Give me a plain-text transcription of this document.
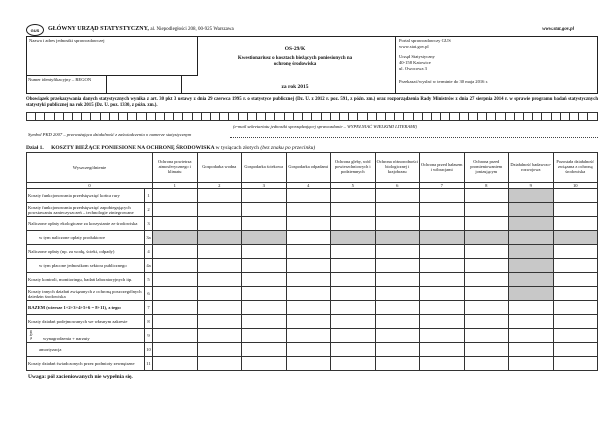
GUS GŁÓWNY URZĄD STATYSTYCZNY, al. Niepodległości 208, 00-925 Warszawa	www.stat.gov.pl
Nazwa i adres jednostki sprawozdawczej
Numer identyfikacyjny – REGON
OS-29/K
Kwestionariusz o kosztach bieżących poniesionych na ochronę środowiska
za rok 2015
Portal sprawozdawczy GUS
www.stat.gov.pl
Urząd Statystyczny
40-158 Katowice
ul. Owocowa 3
Przekazać/wysłać w terminie do 30 maja 2016 r.
Obowiązek przekazywania danych statystycznych wynika z art. 30 pkt 3 ustawy z dnia 29 czerwca 1995 r. o statystyce publicznej (Dz. U. z 2012 r. poz. 591, z późn. zm.) oraz rozporządzenia Rady Ministrów z dnia 27 sierpnia 2014 r. w sprawie programu badań statystycznych statystyki publicznej na rok 2015 (Dz. U. poz. 1330, z późn. zm.).
(e-mail sekretariatu jednostki sporządzającej sprawozdanie – WYPEŁNIAĆ WIELKIMI LITERAMI)
Symbol PKD 2007 – przeważająca działalność z zaświadczenia o numerze statystycznym
Dział 1. KOSZTY BIEŻĄCE PONIESIONE NA OCHRONĘ ŚRODOWISKA w tysiącach złotych (bez znaku po przecinku)
Wyszczególnienie		Ochrona powietrza atmosferycznego i klimatu	Gospodarka wodna	Gospodarka ściekowa	Gospodarka odpadami	Ochrona gleby, wód powierzchniowych i podziemnych	Ochrona różnorodności biologicznej i krajobrazu	Ochrona przed hałasem i wibracjami	Ochrona przed promieniowaniem jonizującym	Działalność badawczo-rozwojowa	Pozostała działalność związana z ochroną środowiska
0		1	2	3	4	5	6	7	8	9	10
Koszty funkcjonowania przedsięwzięć końca rury	1										
Koszty funkcjonowania przedsięwzięć zapobiegających powstawaniu zanieczyszczeń – technologie zintegrowane	2										
Naliczone opłaty ekologiczne za korzystanie ze środowiska	3										
w tym naliczone opłaty produktowe	3a										
Naliczone opłaty (np. za wodę, ścieki, odpady)	4										
w tym płacone jednostkom sektora publicznego	4a										
Koszty kontroli, monitoringu, badań laboratoryjnych itp.	5										
Koszty innych działań związanych z ochroną poszczególnych dziedzin środowiska	6										
RAZEM (wiersze 1+2+3+4+5+6 = 8+11), z tego:	7										
Koszty działań podejmowanych we własnym zakresie	8										
w tym wynagrodzenia + narzuty	9										
amortyzacja	10										
Koszty działań świadczonych przez podmioty zewnętrzne	11										
Uwaga: pól zacieniowanych nie wypełnia się.
